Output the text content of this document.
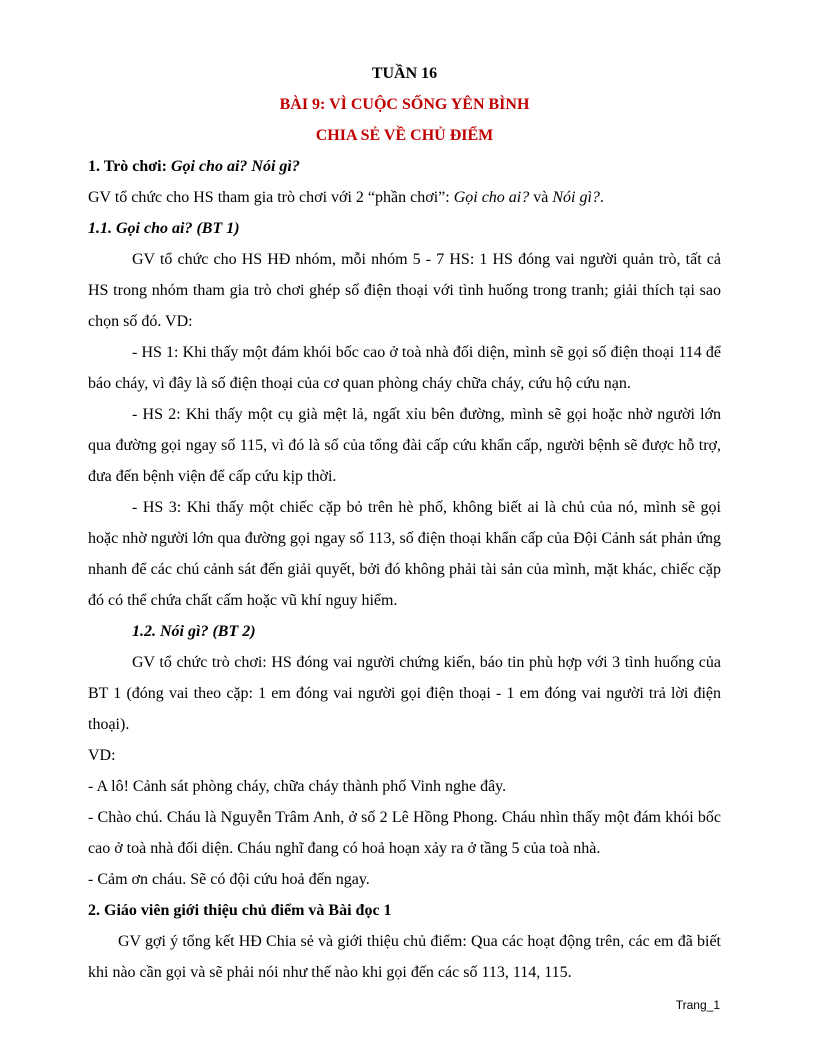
TUẦN 16

BÀI 9: VÌ CUỘC SỐNG YÊN BÌNH

CHIA SẺ VỀ CHỦ ĐIỂM

1. Trò chơi: Gọi cho ai? Nói gì?

GV tổ chức cho HS tham gia trò chơi với 2 “phần chơi”: Gọi cho ai? và Nói gì?.

1.1. Gọi cho ai? (BT 1)

GV tổ chức cho HS HĐ nhóm, mỗi nhóm 5 - 7 HS: 1 HS đóng vai người quản trò, tất cả HS trong nhóm tham gia trò chơi ghép số điện thoại với tình huống trong tranh; giải thích tại sao chọn số đó. VD:

- HS 1: Khi thấy một đám khói bốc cao ở toà nhà đối diện, mình sẽ gọi số điện thoại 114 để báo cháy, vì đây là số điện thoại của cơ quan phòng cháy chữa cháy, cứu hộ cứu nạn.

- HS 2: Khi thấy một cụ già mệt lả, ngất xỉu bên đường, mình sẽ gọi hoặc nhờ người lớn qua đường gọi ngay số 115, vì đó là số của tổng đài cấp cứu khẩn cấp, người bệnh sẽ được hỗ trợ, đưa đến bệnh viện để cấp cứu kịp thời.

- HS 3: Khi thấy một chiếc cặp bỏ trên hè phố, không biết ai là chủ của nó, mình sẽ gọi hoặc nhờ người lớn qua đường gọi ngay số 113, số điện thoại khẩn cấp của Đội Cảnh sát phản ứng nhanh để các chú cảnh sát đến giải quyết, bởi đó không phải tài sản của mình, mặt khác, chiếc cặp đó có thể chứa chất cấm hoặc vũ khí nguy hiểm.

1.2. Nói gì? (BT 2)

GV tổ chức trò chơi: HS đóng vai người chứng kiến, báo tin phù hợp với 3 tình huống của BT 1 (đóng vai theo cặp: 1 em đóng vai người gọi điện thoại - 1 em đóng vai người trả lời điện thoại).

VD:

- A lô! Cảnh sát phòng cháy, chữa cháy thành phố Vinh nghe đây.

- Chào chú. Cháu là Nguyễn Trâm Anh, ở số 2 Lê Hồng Phong. Cháu nhìn thấy một đám khói bốc cao ở toà nhà đối diện. Cháu nghĩ đang có hoả hoạn xảy ra ở tầng 5 của toà nhà.

- Cảm ơn cháu. Sẽ có đội cứu hoả đến ngay.

2. Giáo viên giới thiệu chủ điểm và Bài đọc 1

GV gợi ý tổng kết HĐ Chia sẻ và giới thiệu chủ điểm: Qua các hoạt động trên, các em đã biết khi nào cần gọi và sẽ phải nói như thế nào khi gọi đến các số 113, 114, 115.

Trang_1
